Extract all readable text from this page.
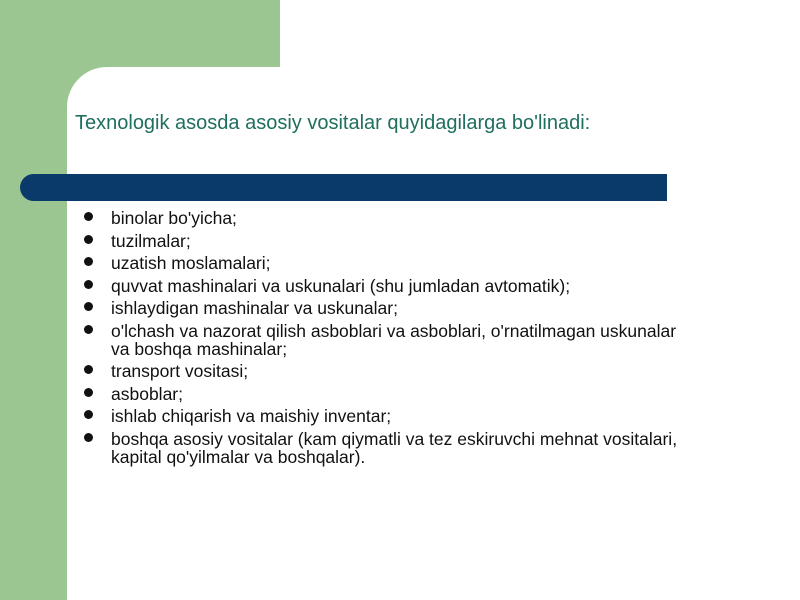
Texnologik asosda asosiy vositalar quyidagilarga bo'linadi:
binolar bo'yicha;
tuzilmalar;
uzatish moslamalari;
quvvat mashinalari va uskunalari (shu jumladan avtomatik);
ishlaydigan mashinalar va uskunalar;
o'lchash va nazorat qilish asboblari va asboblari, o'rnatilmagan uskunalar va boshqa mashinalar;
transport vositasi;
asboblar;
ishlab chiqarish va maishiy inventar;
boshqa asosiy vositalar (kam qiymatli va tez eskiruvchi mehnat vositalari, kapital qo'yilmalar va boshqalar).
